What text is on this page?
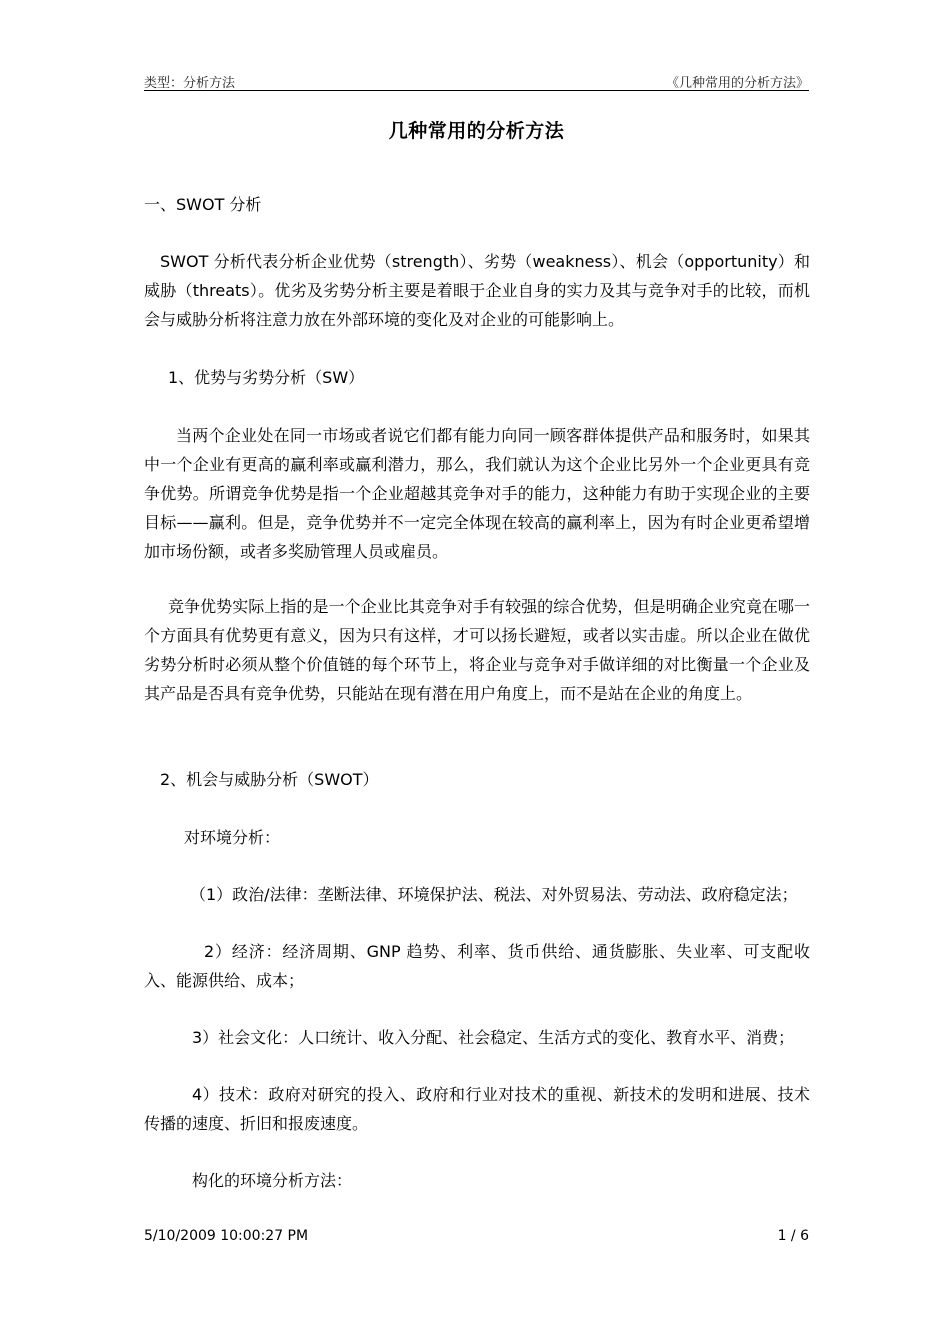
类型：分析方法	《几种常用的分析方法》
几种常用的分析方法
一、SWOT 分析
SWOT 分析代表分析企业优势（strength）、劣势（weakness）、机会（opportunity）和威胁（threats）。优劣及劣势分析主要是着眼于企业自身的实力及其与竞争对手的比较，而机会与威胁分析将注意力放在外部环境的变化及对企业的可能影响上。
1、优势与劣势分析（SW）
当两个企业处在同一市场或者说它们都有能力向同一顾客群体提供产品和服务时，如果其中一个企业有更高的赢利率或赢利潜力，那么，我们就认为这个企业比另外一个企业更具有竞争优势。所谓竞争优势是指一个企业超越其竞争对手的能力，这种能力有助于实现企业的主要目标——赢利。但是，竞争优势并不一定完全体现在较高的赢利率上，因为有时企业更希望增加市场份额，或者多奖励管理人员或雇员。
竞争优势实际上指的是一个企业比其竞争对手有较强的综合优势，但是明确企业究竟在哪一个方面具有优势更有意义，因为只有这样，才可以扬长避短，或者以实击虚。所以企业在做优劣势分析时必须从整个价值链的每个环节上，将企业与竞争对手做详细的对比衡量一个企业及其产品是否具有竞争优势，只能站在现有潜在用户角度上，而不是站在企业的角度上。
2、机会与威胁分析（SWOT）
对环境分析：
（1）政治/法律：垄断法律、环境保护法、税法、对外贸易法、劳动法、政府稳定法；
2）经济：经济周期、GNP 趋势、利率、货币供给、通货膨胀、失业率、可支配收入、能源供给、成本；
3）社会文化：人口统计、收入分配、社会稳定、生活方式的变化、教育水平、消费；
4）技术：政府对研究的投入、政府和行业对技术的重视、新技术的发明和进展、技术传播的速度、折旧和报废速度。
构化的环境分析方法：
5/10/2009 10:00:27 PM	1 / 6
